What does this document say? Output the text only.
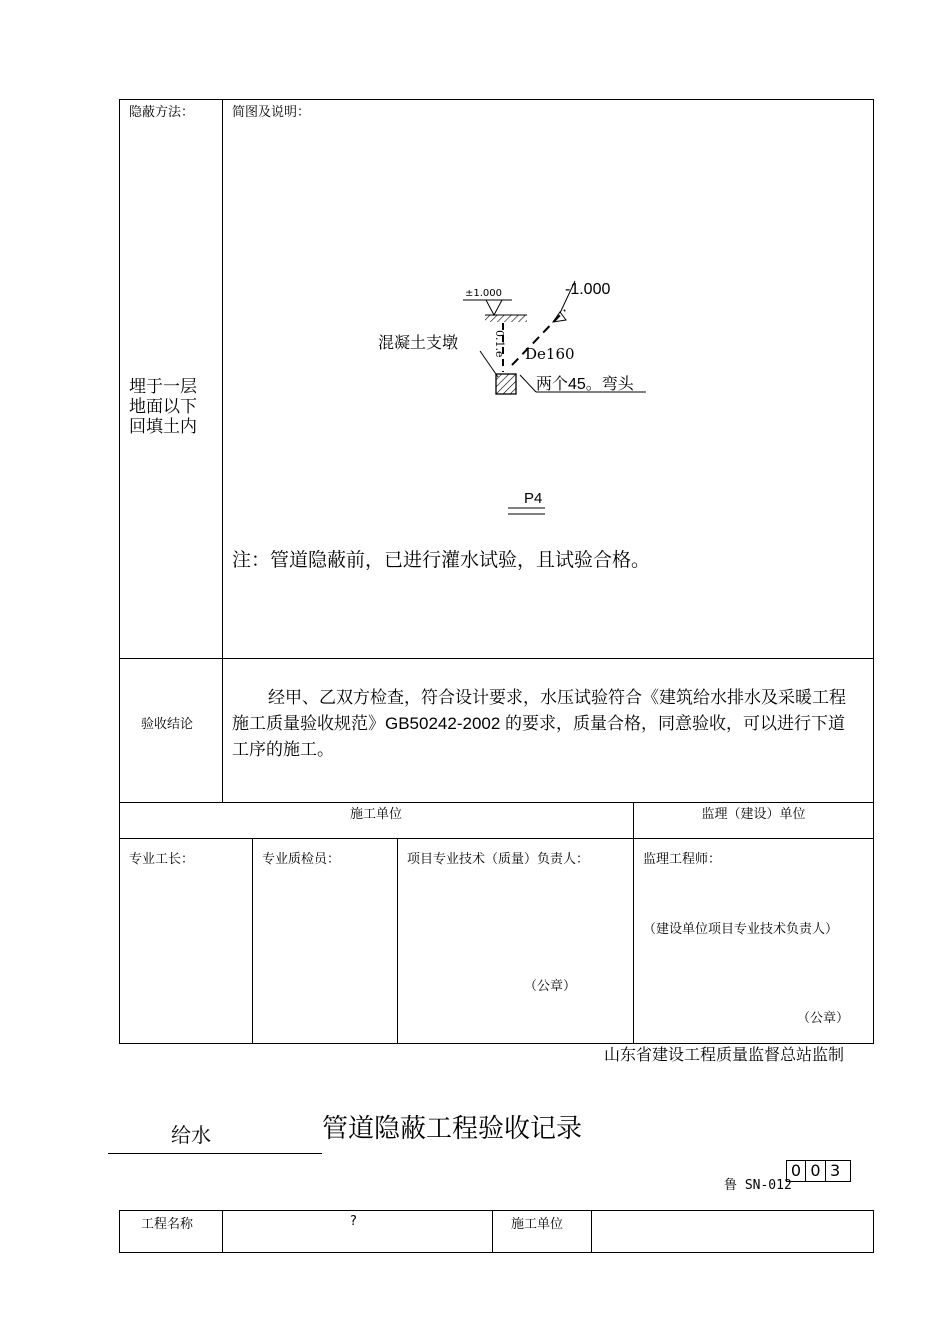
隐蔽方法：	简图及说明：
埋于一层
地面以下
回填土内
±1.000	-1.000
0.1.e
混凝土支墩
De160
两个45。弯头
P4
注：管道隐蔽前，已进行灌水试验，且试验合格。
验收结论
经甲、乙双方检查，符合设计要求，水压试验符合《建筑给水排水及采暖工程施工质量验收规范》GB50242-2002 的要求，质量合格，同意验收，可以进行下道工序的施工。
施工单位	监理（建设）单位
专业工长：	专业质检员：	项目专业技术（质量）负责人：
（公章）
监理工程师：
（建设单位项目专业技术负责人）
（公章）
山东省建设工程质量监督总站监制
给水	管道隐蔽工程验收记录
鲁 SN-012
0 0 3
工程名称	?	施工单位
